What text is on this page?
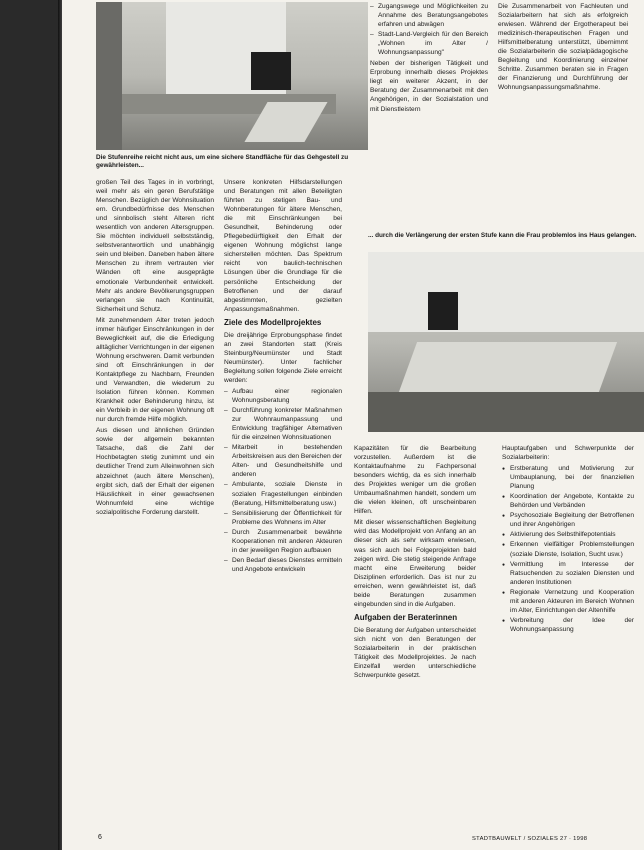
Die Stufenreihe reicht nicht aus, um eine sichere Standfläche für das Gehgestell zu gewährleisten...
– Zugangswege und Möglichkeiten zu Annahme des Beratungsangebotes erfahren und abwägen
– Stadt-Land-Vergleich für den Bereich „Wohnen im Alter / Wohnungsanpassung"

Neben der bisherigen Tätigkeit und Erprobung innerhalb dieses Projektes liegt ein weiterer Akzent, in der Beratung der Zusammenarbeit mit den Angehörigen, in der Sozialstation und mit Dienstleistern

Die Zusammenarbeit von Fachleuten und Sozialarbeitern hat sich als erfolgreich erwiesen. Während der Ergotherapeut bei medizinisch-therapeutischen Fragen und Hilfsmittelberatung unterstützt, übernimmt die Sozialarbeiterin die sozialpädagogische Begleitung und Koordinierung einzelner Schritte. Zusammen beraten sie in Fragen der Finanzierung und Durchführung der Wohnungsanpassungsmaßnahme.

... durch die Verlängerung der ersten Stufe kann die Frau problemlos ins Haus gelangen.

großen Teil des Tages in in vorbringt, weil mehr als ein geren Berufstätige Menschen. Bezüglich der Wohnsituation ern. Grundbedürfnisse des Menschen und sinnbolisch steht Alteren richt wesentlich von anderen Altersgruppen. Sie möchten individuell selbstständig, selbstverantwortlich und unabhängig sein und bleiben. Daneben haben ältere Menschen zu ihrem vertrauten vier Wänden oft eine ausgeprägte emotionale Verbundenheit entwickelt. Mehr als andere Bevölkerungsgruppen verlangen sie nach Kontinuität, Sicherheit und Schutz.

Mit zunehmendem Alter treten jedoch immer häufiger Einschränkungen in der Beweglichkeit auf, die die Erledigung alltäglicher Verrichtungen in der eigenen Wohnung erschweren. Damit verbunden sind oft Einschränkungen in der Kontaktpflege zu Nachbarn, Freunden und Verwandten, die wiederum zu Isolation führen können. Kommen Krankheit oder Behinderung hinzu, ist ein Verbleib in der eigenen Wohnung oft nur durch fremde Hilfe möglich.

Aus diesen und ähnlichen Gründen sowie der allgemein bekannten Tatsache, daß die Zahl der Hochbetagten stetig zunimmt und ein deutlicher Trend zum Alleinwohnen sich abzeichnet (auch ältere Menschen), ergibt sich, daß der Erhalt der eigenen Häuslichkeit in einer gewachsenen Wohnumfeld eine wichtige sozialpolitische Forderung darstellt.

Unsere konkreten Hilfsdarstellungen und Beratungen mit allen Beteiligten führten zu stetigen Bau- und Wohnberatungen für ältere Menschen, die mit Einschränkungen bei Gesundheit, Behinderung oder Pflegebedürftigkeit den Erhalt der eigenen Wohnung möglichst lange sicherstellen möchten. Das Spektrum reicht von baulich-technischen Lösungen über die Grundlage für die persönliche Entscheidung der Betroffenen und der darauf abgestimmten, gezielten Anpassungsmaßnahmen.

Ziele des Modellprojektes

Die dreijährige Erprobungsphase findet an zwei Standorten statt (Kreis Steinburg/Neumünster und Stadt Neumünster). Unter fachlicher Begleitung sollen folgende Ziele erreicht werden:

– Aufbau einer regionalen Wohnungsberatung
– Durchführung konkreter Maßnahmen zur Wohnraumanpassung und Entwicklung tragfähiger Alternativen für die einzelnen Wohnsituationen
– Mitarbeit in bestehenden Arbeitskreisen aus den Bereichen der Alten- und Gesundheitshilfe und anderen
– Ambulante, soziale Dienste in sozialen Fragestellungen einbinden (Beratung, Hilfsmittelberatung usw.)
– Sensibilisierung der Öffentlichkeit für Probleme des Wohnens im Alter
– Durch Zusammenarbeit bewährte Kooperationen mit anderen Akteuren in der jeweiligen Region aufbauen
– Den Bedarf dieses Dienstes ermitteln und Angebote entwickeln

Kapazitäten für die Bearbeitung vorzustellen. Außerdem ist die Kontaktaufnahme zu Fachpersonal besonders wichtig, da es sich innerhalb des Projektes weniger um die großen Umbaumaßnahmen handelt, sondern um die vielen kleinen, oft unscheinbaren Hilfen.

Mit dieser wissenschaftlichen Begleitung wird das Modellprojekt von Anfang an an dieser sich als sehr wirksam erwiesen, was sich auch bei Folgeprojekten bald zeigen wird. Die stetig steigende Anfrage macht eine Erweiterung beider Disziplinen erforderlich. Das ist nur zu erreichen, wenn gewährleistet ist, daß beide Beratungen zusammen eingebunden sind in die Aufgaben.

Aufgaben der Beraterinnen

Die Beratung der Aufgaben unterscheidet sich nicht von den Beratungen der Sozialarbeiterin in der praktischen Tätigkeit des Modellprojektes. Je nach Einzelfall werden unterschiedliche Schwerpunkte gesetzt.

Hauptaufgaben und Schwerpunkte der Sozialarbeiterin:

● Erstberatung und Motivierung zur Umbauplanung, bei der finanziellen Planung
● Koordination der Angebote, Kontakte zu Behörden und Verbänden
● Psychosoziale Begleitung der Betroffenen und ihrer Angehörigen
● Aktivierung des Selbsthilfepotentials
● Erkennen vielfältiger Problemstellungen (soziale Dienste, Isolation, Sucht usw.)
● Vermittlung im Interesse der Ratsuchenden zu sozialen Diensten und anderen Institutionen
● Regionale Vernetzung und Kooperation mit anderen Akteuren im Bereich Wohnen im Alter, Einrichtungen der Altenhilfe
● Verbreitung der Idee der Wohnungsanpassung
6	STADTBAUWELT / SOZIALES 27 · 1998
